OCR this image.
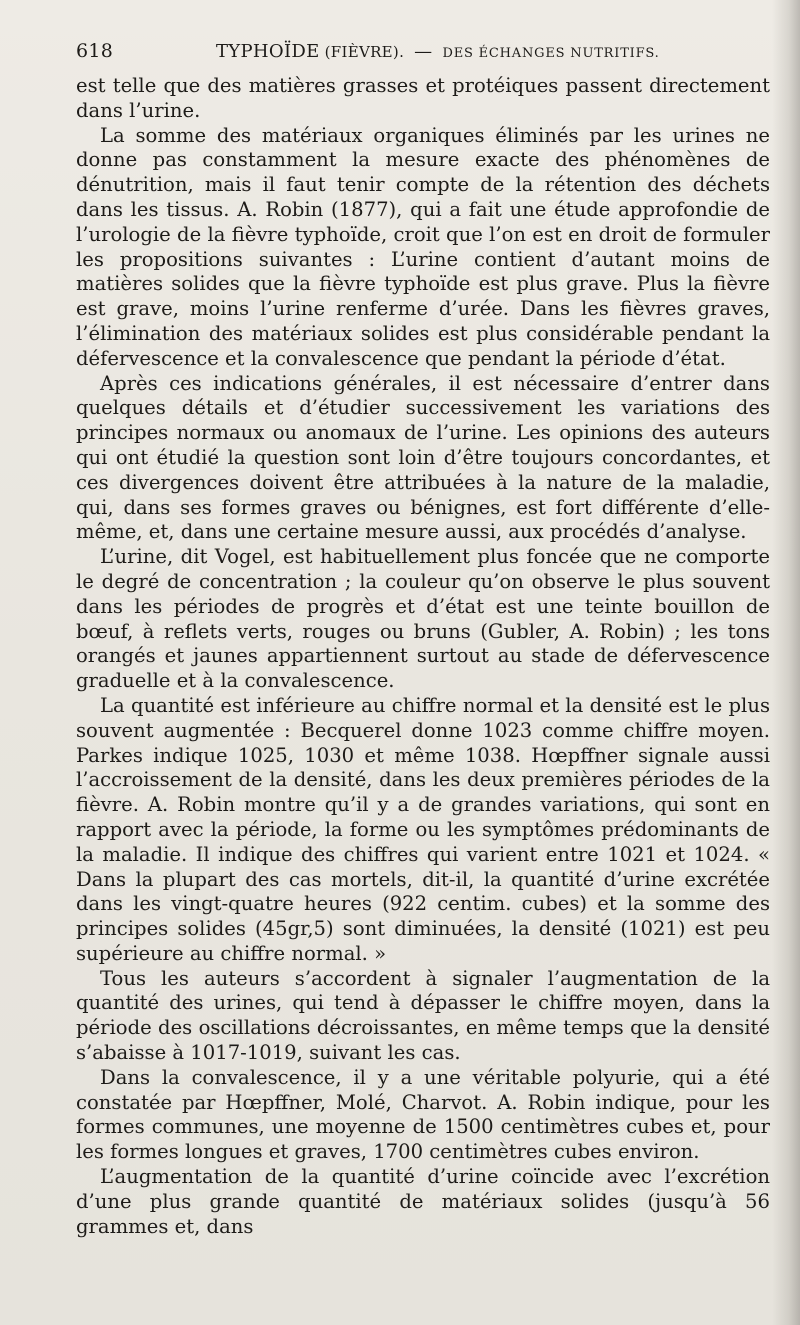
618	TYPHOÏDE (FIÈVRE). — DES ÉCHANGES NUTRITIFS.

est telle que des matières grasses et protéiques passent directement dans l’urine.

La somme des matériaux organiques éliminés par les urines ne donne pas constamment la mesure exacte des phénomènes de dénutrition, mais il faut tenir compte de la rétention des déchets dans les tissus. A. Robin (1877), qui a fait une étude approfondie de l’urologie de la fièvre typhoïde, croit que l’on est en droit de formuler les propositions suivantes : L’urine contient d’autant moins de matières solides que la fièvre typhoïde est plus grave. Plus la fièvre est grave, moins l’urine renferme d’urée. Dans les fièvres graves, l’élimination des matériaux solides est plus considérable pendant la défervescence et la convalescence que pendant la période d’état.

Après ces indications générales, il est nécessaire d’entrer dans quelques détails et d’étudier successivement les variations des principes normaux ou anomaux de l’urine. Les opinions des auteurs qui ont étudié la question sont loin d’être toujours concordantes, et ces divergences doivent être attribuées à la nature de la maladie, qui, dans ses formes graves ou bénignes, est fort différente d’elle-même, et, dans une certaine mesure aussi, aux procédés d’analyse.

L’urine, dit Vogel, est habituellement plus foncée que ne comporte le degré de concentration ; la couleur qu’on observe le plus souvent dans les périodes de progrès et d’état est une teinte bouillon de bœuf, à reflets verts, rouges ou bruns (Gubler, A. Robin) ; les tons orangés et jaunes appartiennent surtout au stade de défervescence graduelle et à la convalescence.

La quantité est inférieure au chiffre normal et la densité est le plus souvent augmentée : Becquerel donne 1023 comme chiffre moyen. Parkes indique 1025, 1030 et même 1038. Hœpffner signale aussi l’accroissement de la densité, dans les deux premières périodes de la fièvre. A. Robin montre qu’il y a de grandes variations, qui sont en rapport avec la période, la forme ou les symptômes prédominants de la maladie. Il indique des chiffres qui varient entre 1021 et 1024. « Dans la plupart des cas mortels, dit-il, la quantité d’urine excrétée dans les vingt-quatre heures (922 centim. cubes) et la somme des principes solides (45gr,5) sont diminuées, la densité (1021) est peu supérieure au chiffre normal. »

Tous les auteurs s’accordent à signaler l’augmentation de la quantité des urines, qui tend à dépasser le chiffre moyen, dans la période des oscillations décroissantes, en même temps que la densité s’abaisse à 1017-1019, suivant les cas.

Dans la convalescence, il y a une véritable polyurie, qui a été constatée par Hœpffner, Molé, Charvot. A. Robin indique, pour les formes communes, une moyenne de 1500 centimètres cubes et, pour les formes longues et graves, 1700 centimètres cubes environ.

L’augmentation de la quantité d’urine coïncide avec l’excrétion d’une plus grande quantité de matériaux solides (jusqu’à 56 grammes et, dans
